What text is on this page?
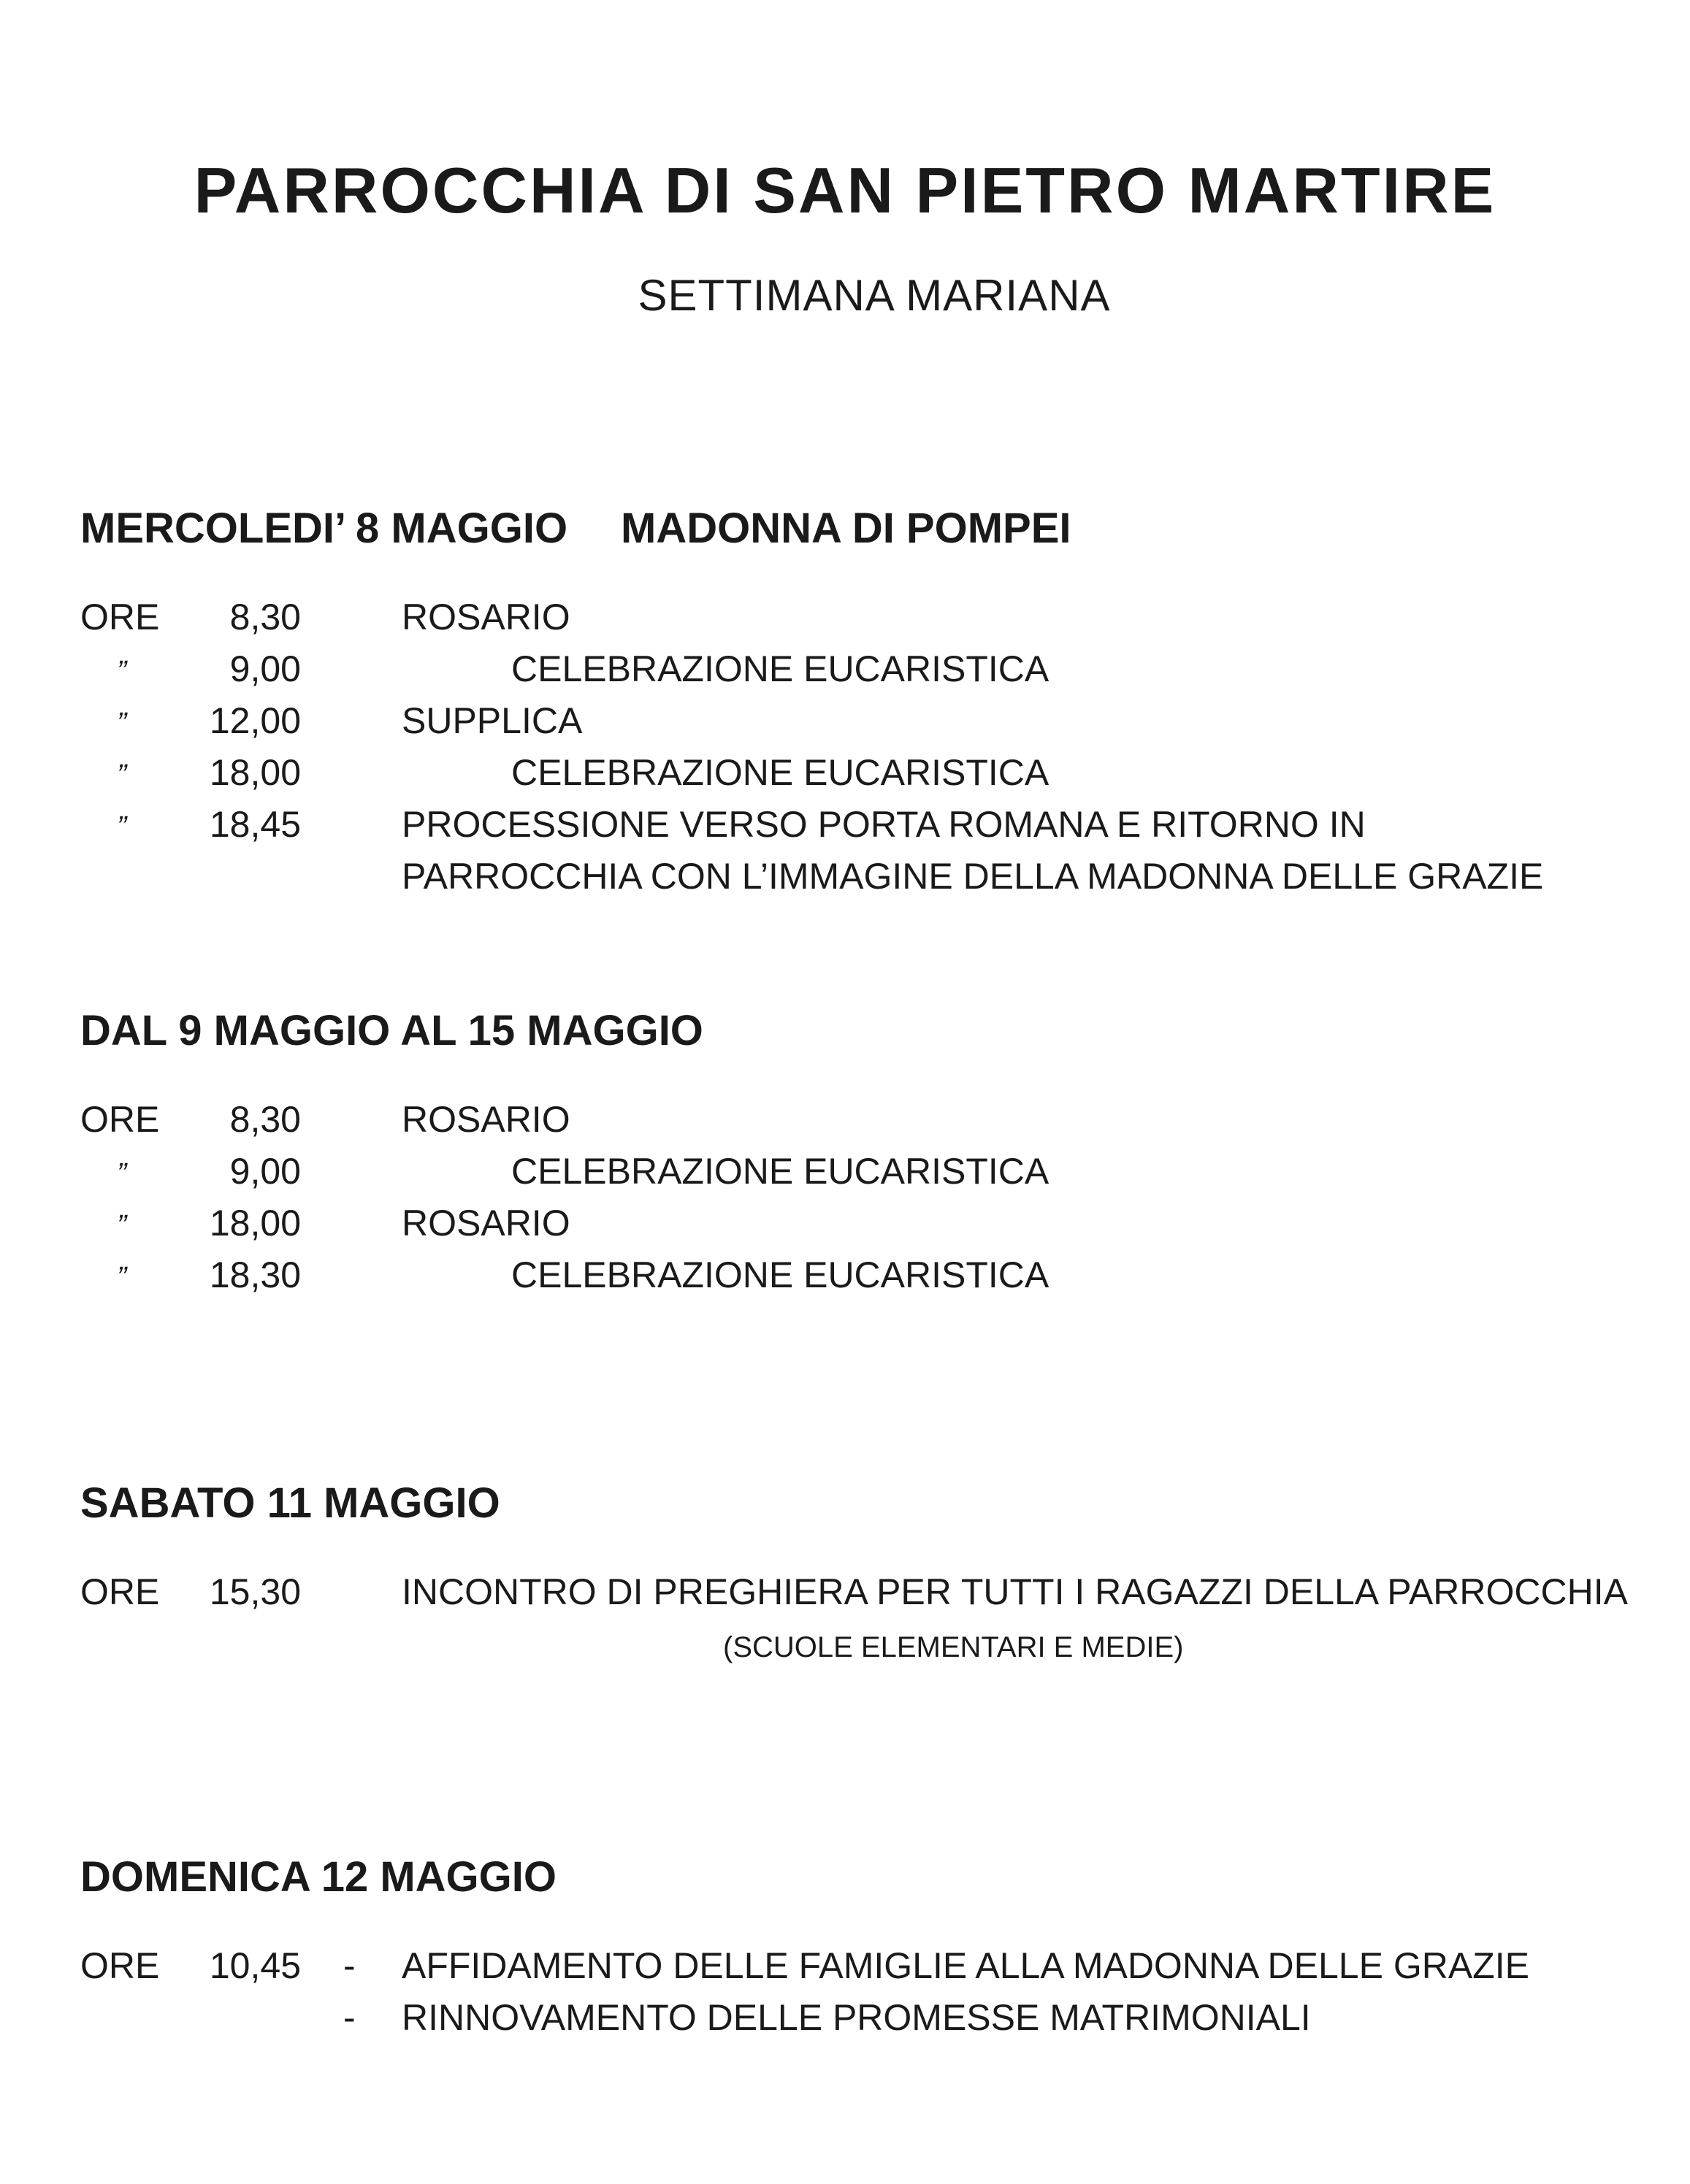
PARROCCHIA DI SAN PIETRO MARTIRE
SETTIMANA MARIANA
MERCOLEDI’ 8 MAGGIO MADONNA DI POMPEI
ORE	8,30	ROSARIO
”	9,00	CELEBRAZIONE EUCARISTICA
”	12,00	SUPPLICA
”	18,00	CELEBRAZIONE EUCARISTICA
”	18,45	PROCESSIONE VERSO PORTA ROMANA E RITORNO IN
PARROCCHIA CON L’IMMAGINE DELLA MADONNA DELLE GRAZIE
DAL 9 MAGGIO AL 15 MAGGIO
ORE	8,30	ROSARIO
”	9,00	CELEBRAZIONE EUCARISTICA
”	18,00	ROSARIO
”	18,30	CELEBRAZIONE EUCARISTICA
SABATO 11 MAGGIO
ORE	15,30	INCONTRO DI PREGHIERA PER TUTTI I RAGAZZI DELLA PARROCCHIA
(SCUOLE ELEMENTARI E MEDIE)
DOMENICA 12 MAGGIO
ORE	10,45 - AFFIDAMENTO DELLE FAMIGLIE ALLA MADONNA DELLE GRAZIE
- RINNOVAMENTO DELLE PROMESSE MATRIMONIALI
